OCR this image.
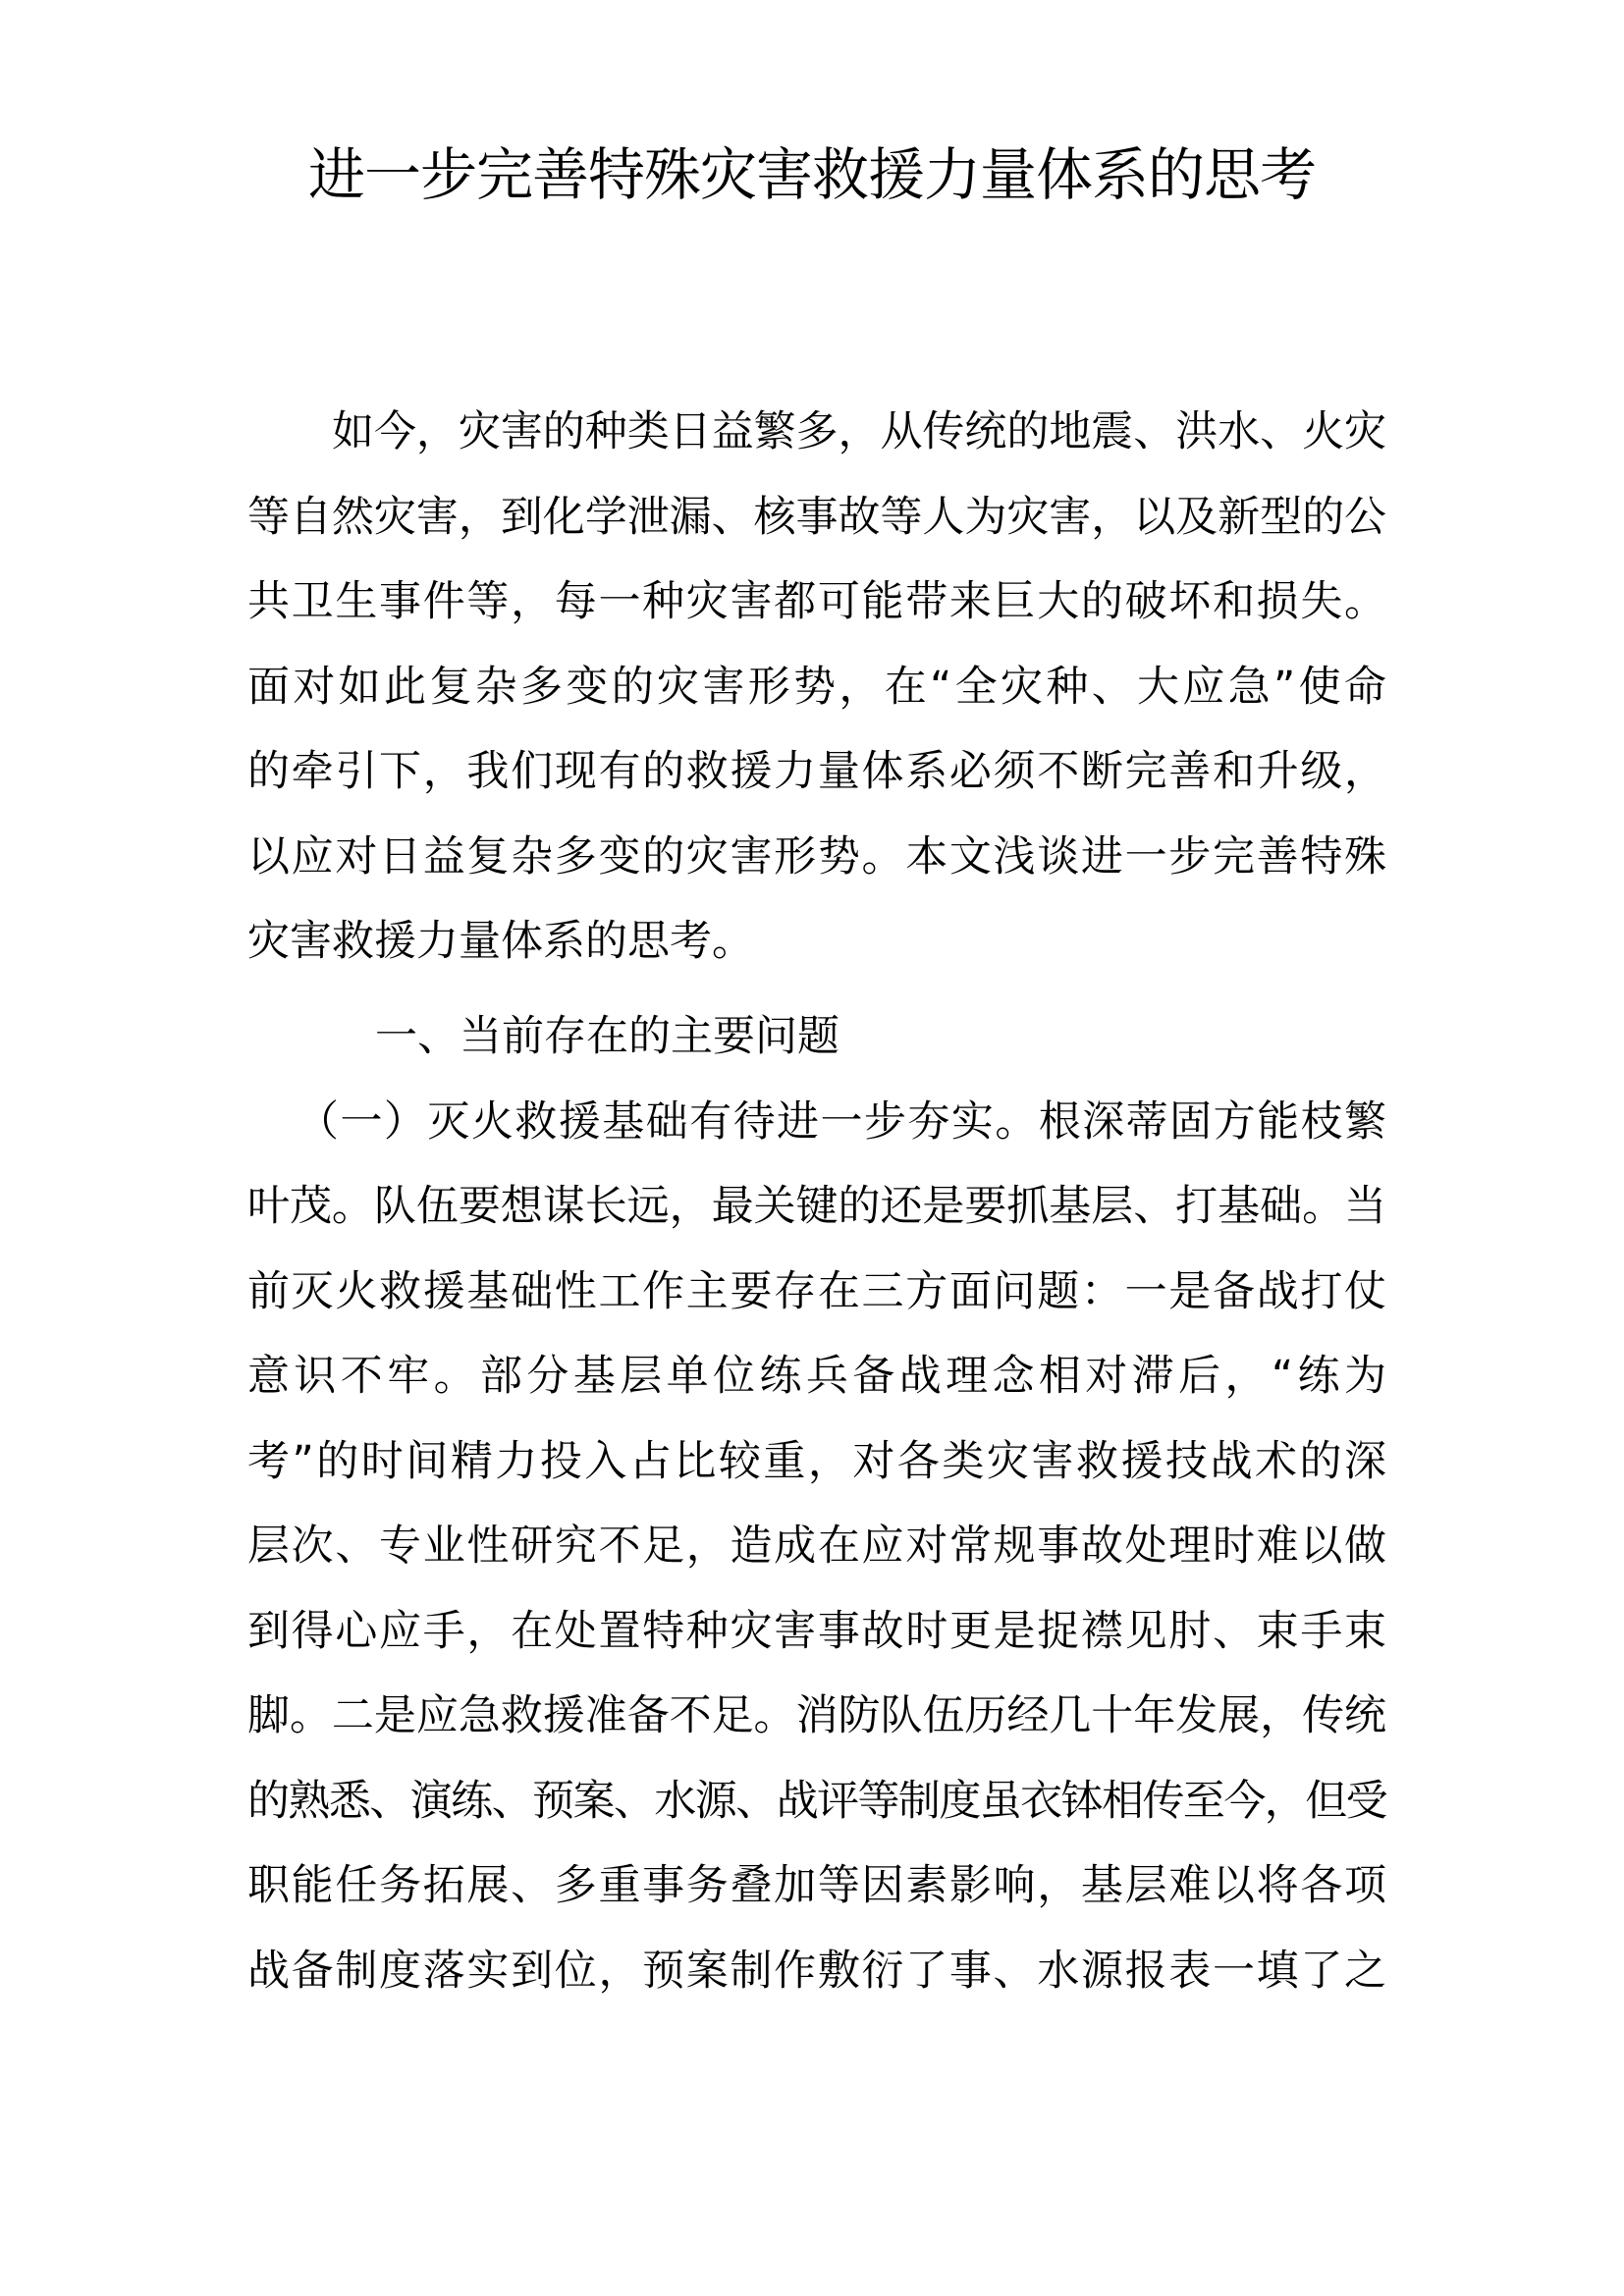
进一步完善特殊灾害救援力量体系的思考
如今，灾害的种类日益繁多，从传统的地震、洪水、火灾
等自然灾害，到化学泄漏、核事故等人为灾害，以及新型的公
共卫生事件等，每一种灾害都可能带来巨大的破坏和损失。
面对如此复杂多变的灾害形势，在“全灾种、大应急”使命
的牵引下，我们现有的救援力量体系必须不断完善和升级，
以应对日益复杂多变的灾害形势。本文浅谈进一步完善特殊
灾害救援力量体系的思考。
一、当前存在的主要问题
（一）灭火救援基础有待进一步夯实。根深蒂固方能枝繁
叶茂。队伍要想谋长远，最关键的还是要抓基层、打基础。当
前灭火救援基础性工作主要存在三方面问题：一是备战打仗
意识不牢。部分基层单位练兵备战理念相对滞后，“练为
考”的时间精力投入占比较重，对各类灾害救援技战术的深
层次、专业性研究不足，造成在应对常规事故处理时难以做
到得心应手，在处置特种灾害事故时更是捉襟见肘、束手束
脚。二是应急救援准备不足。消防队伍历经几十年发展，传统
的熟悉、演练、预案、水源、战评等制度虽衣钵相传至今，但受
职能任务拓展、多重事务叠加等因素影响，基层难以将各项
战备制度落实到位，预案制作敷衍了事、水源报表一填了之
